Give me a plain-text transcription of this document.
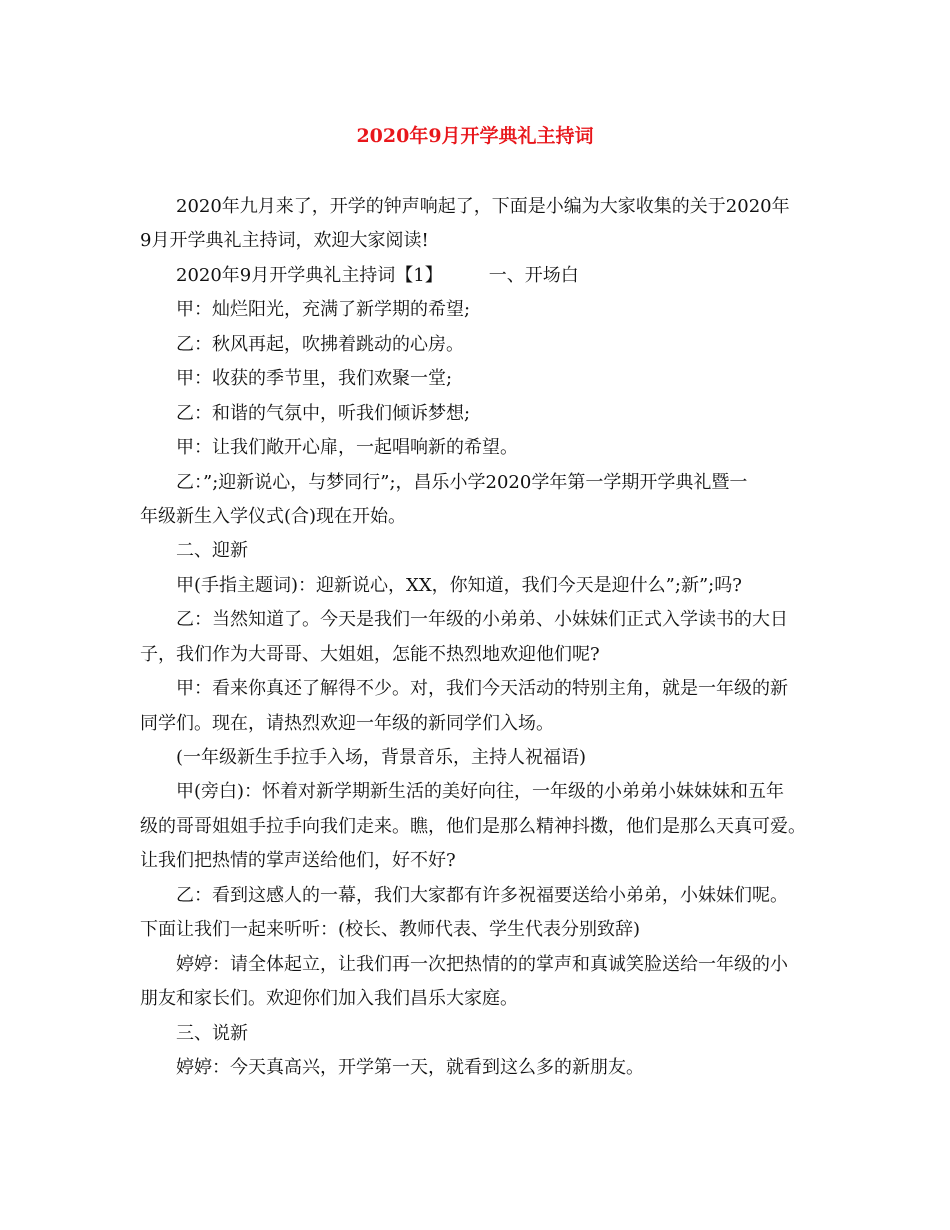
2020年9月开学典礼主持词
2020年九月来了，开学的钟声响起了，下面是小编为大家收集的关于2020年
9月开学典礼主持词，欢迎大家阅读!
2020年9月开学典礼主持词【1】	一、开场白
甲：灿烂阳光，充满了新学期的希望;
乙：秋风再起，吹拂着跳动的心房。
甲：收获的季节里，我们欢聚一堂;
乙：和谐的气氛中，听我们倾诉梦想;
甲：让我们敞开心扉，一起唱响新的希望。
乙：”;迎新说心，与梦同行”;，昌乐小学2020学年第一学期开学典礼暨一
年级新生入学仪式(合)现在开始。
二、迎新
甲(手指主题词)：迎新说心，XX，你知道，我们今天是迎什么”;新”;吗?
乙：当然知道了。今天是我们一年级的小弟弟、小妹妹们正式入学读书的大日
子，我们作为大哥哥、大姐姐，怎能不热烈地欢迎他们呢?
甲：看来你真还了解得不少。对，我们今天活动的特别主角，就是一年级的新
同学们。现在，请热烈欢迎一年级的新同学们入场。
(一年级新生手拉手入场，背景音乐，主持人祝福语)
甲(旁白)：怀着对新学期新生活的美好向往，一年级的小弟弟小妹妹妹和五年
级的哥哥姐姐手拉手向我们走来。瞧，他们是那么精神抖擞，他们是那么天真可爱。
让我们把热情的掌声送给他们，好不好?
乙：看到这感人的一幕，我们大家都有许多祝福要送给小弟弟，小妹妹们呢。
下面让我们一起来听听：(校长、教师代表、学生代表分别致辞)
婷婷：请全体起立，让我们再一次把热情的的掌声和真诚笑脸送给一年级的小
朋友和家长们。欢迎你们加入我们昌乐大家庭。
三、说新
婷婷：今天真高兴，开学第一天，就看到这么多的新朋友。
